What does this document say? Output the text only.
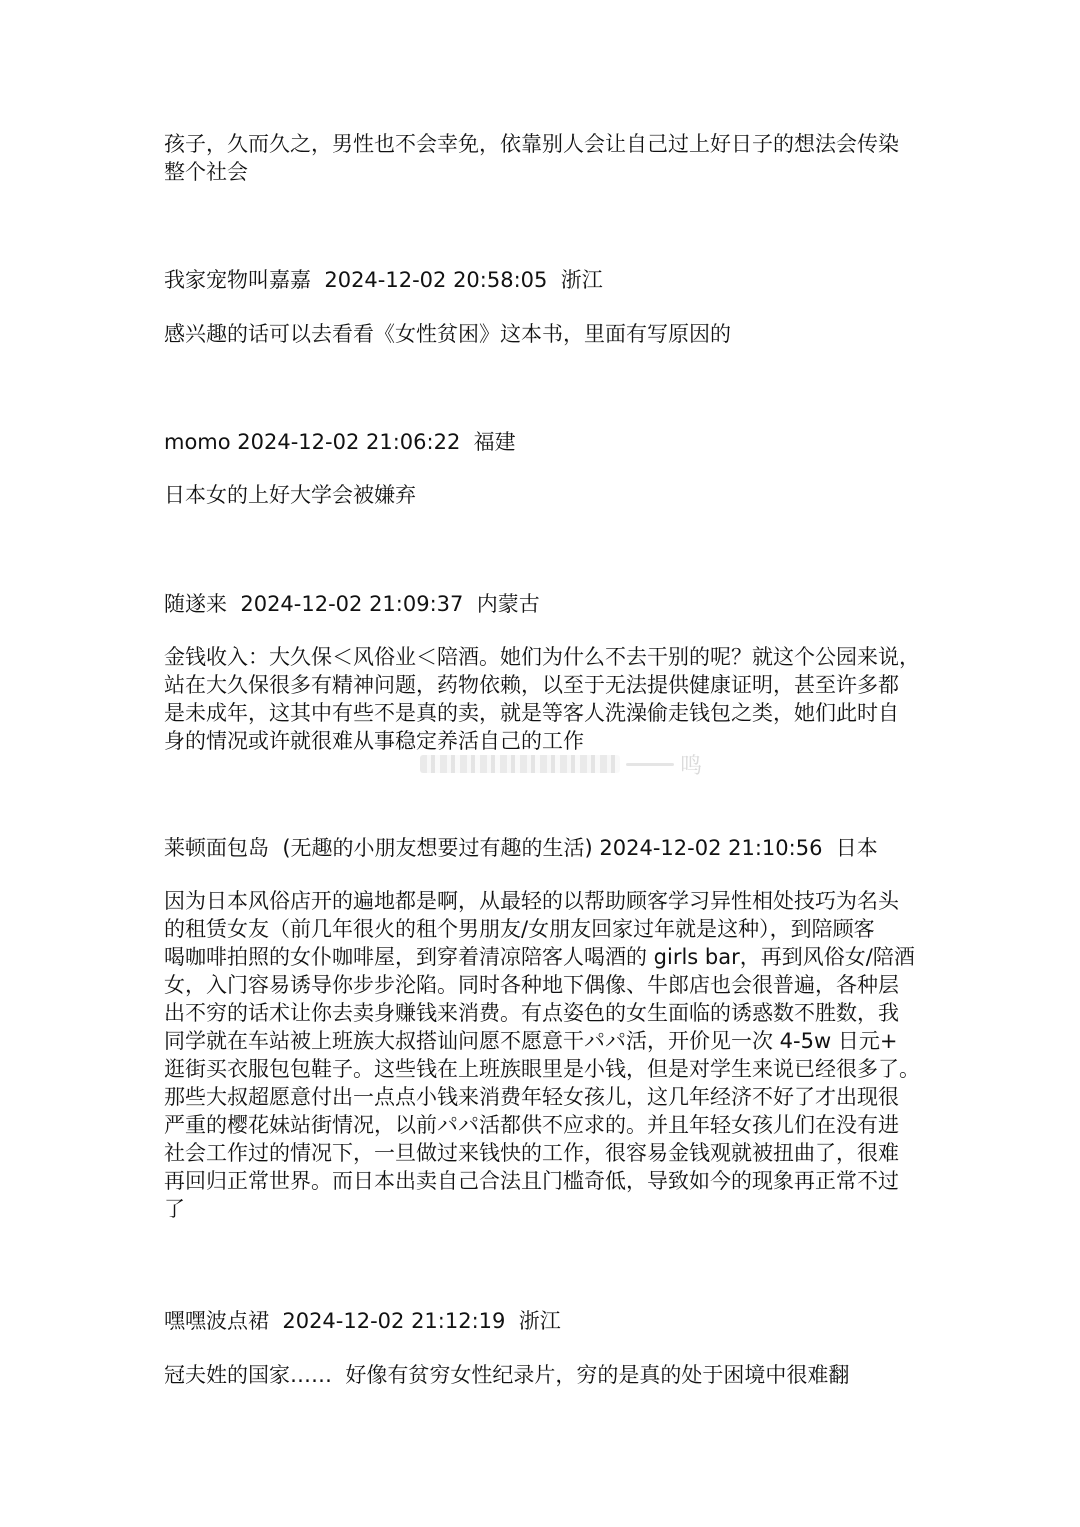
孩子，久而久之，男性也不会幸免，依靠别人会让自己过上好日子的想法会传染

整个社会

我家宠物叫嘉嘉  2024-12-02 20:58:05  浙江

感兴趣的话可以去看看《女性贫困》这本书，里面有写原因的

momo 2024-12-02 21:06:22  福建

日本女的上好大学会被嫌弃

随遂来  2024-12-02 21:09:37  内蒙古

金钱收入：大久保＜风俗业＜陪酒。她们为什么不去干别的呢？就这个公园来说，

站在大久保很多有精神问题，药物依赖，以至于无法提供健康证明，甚至许多都

是未成年，这其中有些不是真的卖，就是等客人洗澡偷走钱包之类，她们此时自

身的情况或许就很难从事稳定养活自己的工作

鸣

莱顿面包岛  (无趣的小朋友想要过有趣的生活) 2024-12-02 21:10:56  日本

因为日本风俗店开的遍地都是啊，从最轻的以帮助顾客学习异性相处技巧为名头

的租赁女友（前几年很火的租个男朋友/女朋友回家过年就是这种），到陪顾客

喝咖啡拍照的女仆咖啡屋，到穿着清凉陪客人喝酒的 girls bar，再到风俗女/陪酒

女，入门容易诱导你步步沦陷。同时各种地下偶像、牛郎店也会很普遍，各种层

出不穷的话术让你去卖身赚钱来消费。有点姿色的女生面临的诱惑数不胜数，我

同学就在车站被上班族大叔搭讪问愿不愿意干パパ活，开价见一次 4-5w 日元+

逛街买衣服包包鞋子。这些钱在上班族眼里是小钱，但是对学生来说已经很多了。

那些大叔超愿意付出一点点小钱来消费年轻女孩儿，这几年经济不好了才出现很

严重的樱花妹站街情况，以前パパ活都供不应求的。并且年轻女孩儿们在没有进

社会工作过的情况下，一旦做过来钱快的工作，很容易金钱观就被扭曲了，很难

再回归正常世界。而日本出卖自己合法且门槛奇低，导致如今的现象再正常不过

了

嘿嘿波点裙  2024-12-02 21:12:19  浙江

冠夫姓的国家……  好像有贫穷女性纪录片，穷的是真的处于困境中很难翻
